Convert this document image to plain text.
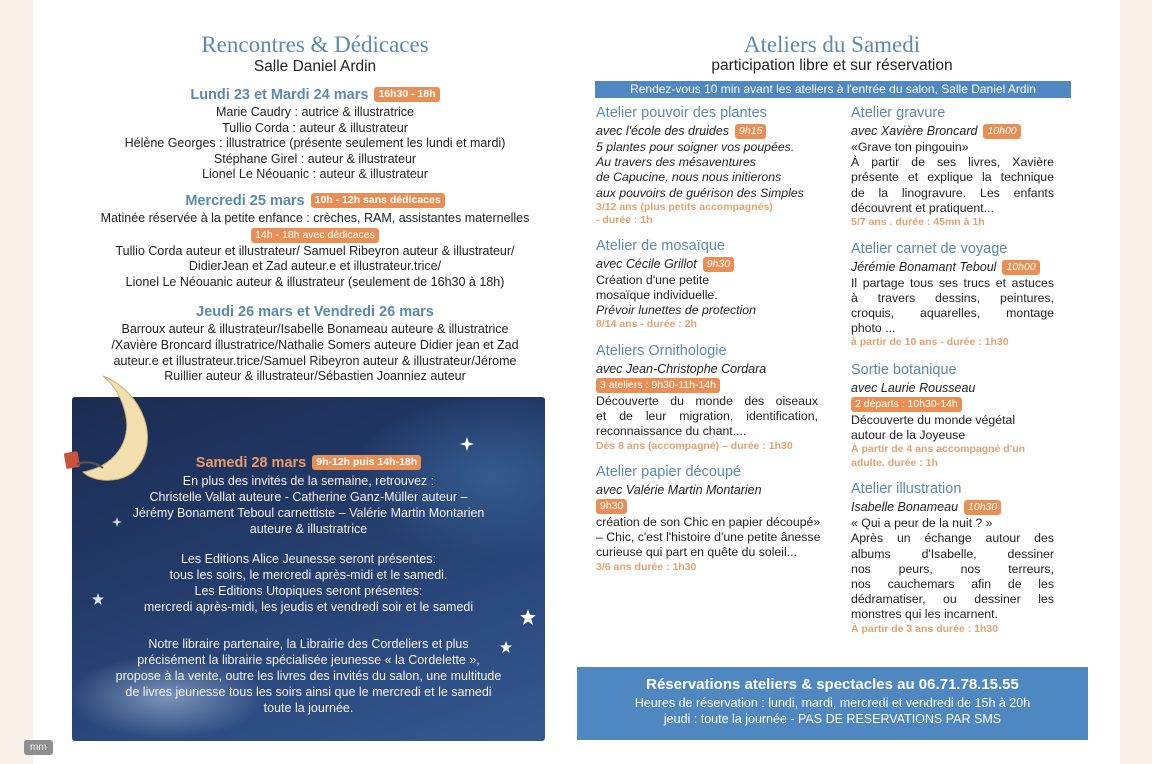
Rencontres & Dédicaces
Salle Daniel Ardin
Lundi 23 et Mardi 24 mars 16h30 - 18h
Marie Caudry : autrice & illustratrice
Tullio Corda : auteur & illustrateur
Hélène Georges : illustratrice (présente seulement les lundi et mardi)
Stéphane Girel : auteur & illustrateur
Lionel Le Néouanic : auteur & illustrateur
Mercredi 25 mars 10h - 12h sans dédicaces
Matinée réservée à la petite enfance : crèches, RAM, assistantes maternelles
14h - 18h avec dédicaces
Tullio Corda auteur et illustrateur/ Samuel Ribeyron auteur & illustrateur/
DidierJean et Zad auteur.e et illustrateur.trice/
Lionel Le Néouanic auteur & illustrateur (seulement de 16h30 à 18h)
Jeudi 26 mars et Vendredi 26 mars
Barroux auteur & illustrateur/Isabelle Bonameau auteure & illustratrice
/Xavière Broncard illustratrice/Nathalie Somers auteure Didier jean et Zad
auteur.e et illustrateur.trice/Samuel Ribeyron auteur & illustrateur/Jérome
Ruillier auteur & illustrateur/Sébastien Joanniez auteur
Samedi 28 mars 9h-12h puis 14h-18h
En plus des invités de la semaine, retrouvez :
Christelle Vallat auteure - Catherine Ganz-Müller auteur –
Jérémy Bonament Teboul carnettiste – Valérie Martin Montarien
auteure & illustratrice
Les Editions Alice Jeunesse seront présentes:
tous les soirs, le mercredi après-midi et le samedi.
Les Editions Utopiques seront présentes:
mercredi après-midi, les jeudis et vendredi soir et le samedi
Notre libraire partenaire, la Librairie des Cordeliers et plus
précisément la librairie spécialisée jeunesse « la Cordelette »,
propose à la vente, outre les livres des invités du salon, une multitude
de livres jeunesse tous les soirs ainsi que le mercredi et le samedi
toute la journée.
Ateliers du Samedi
participation libre et sur réservation
Rendez-vous 10 min avant les ateliers à l'entrée du salon, Salle Daniel Ardin
Atelier pouvoir des plantes
avec l'école des druides 9h15
5 plantes pour soigner vos poupées.
Au travers des mésaventures
de Capucine, nous nous initierons
aux pouvoirs de guérison des Simples
3/12 ans (plus petits accompagnés)
- durée : 1h
Atelier de mosaïque
avec Cécile Grillot 9h30
Création d'une petite
mosaïque individuelle.
Prévoir lunettes de protection
8/14 ans - durée : 2h
Ateliers Ornithologie
avec Jean-Christophe Cordara
3 ateliers : 9h30-11h-14h
Découverte du monde des oiseaux
et de leur migration, identification,
reconnaissance du chant....
Dès 8 ans (accompagné) – durée : 1h30
Atelier papier découpé
avec Valérie Martin Montarien
9h30
création de son Chic en papier découpé»
– Chic, c'est l'histoire d'une petite ânesse
curieuse qui part en quête du soleil...
3/6 ans durée : 1h30
Atelier gravure
avec Xavière Broncard 10h00
«Grave ton pingouin»
À partir de ses livres, Xavière
présente et explique la technique
de la linogravure. Les enfants
découvrent et pratiquent...
5/7 ans . durée : 45mn à 1h
Atelier carnet de voyage
Jérémie Bonamant Teboul 10h00
Il partage tous ses trucs et astuces
à travers dessins, peintures,
croquis, aquarelles, montage
photo ...
à partir de 10 ans - durée : 1h30
Sortie botanique
avec Laurie Rousseau
2 départs : 10h30-14h
Découverte du monde végétal
autour de la Joyeuse
À partir de 4 ans accompagné d'un
adulte. durée : 1h
Atelier illustration
Isabelle Bonameau 10h30
« Qui a peur de la nuit ? »
Après un échange autour des
albums d'Isabelle, dessiner
nos peurs, nos terreurs,
nos cauchemars afin de les
dédramatiser, ou dessiner les
monstres qui les incarnent.
À partir de 3 ans durée : 1h30
Réservations ateliers & spectacles au 06.71.78.15.55
Heures de réservation : lundi, mardi, mercredi et vendredi de 15h à 20h
jeudi : toute la journée - PAS DE RESERVATIONS PAR SMS
mm
